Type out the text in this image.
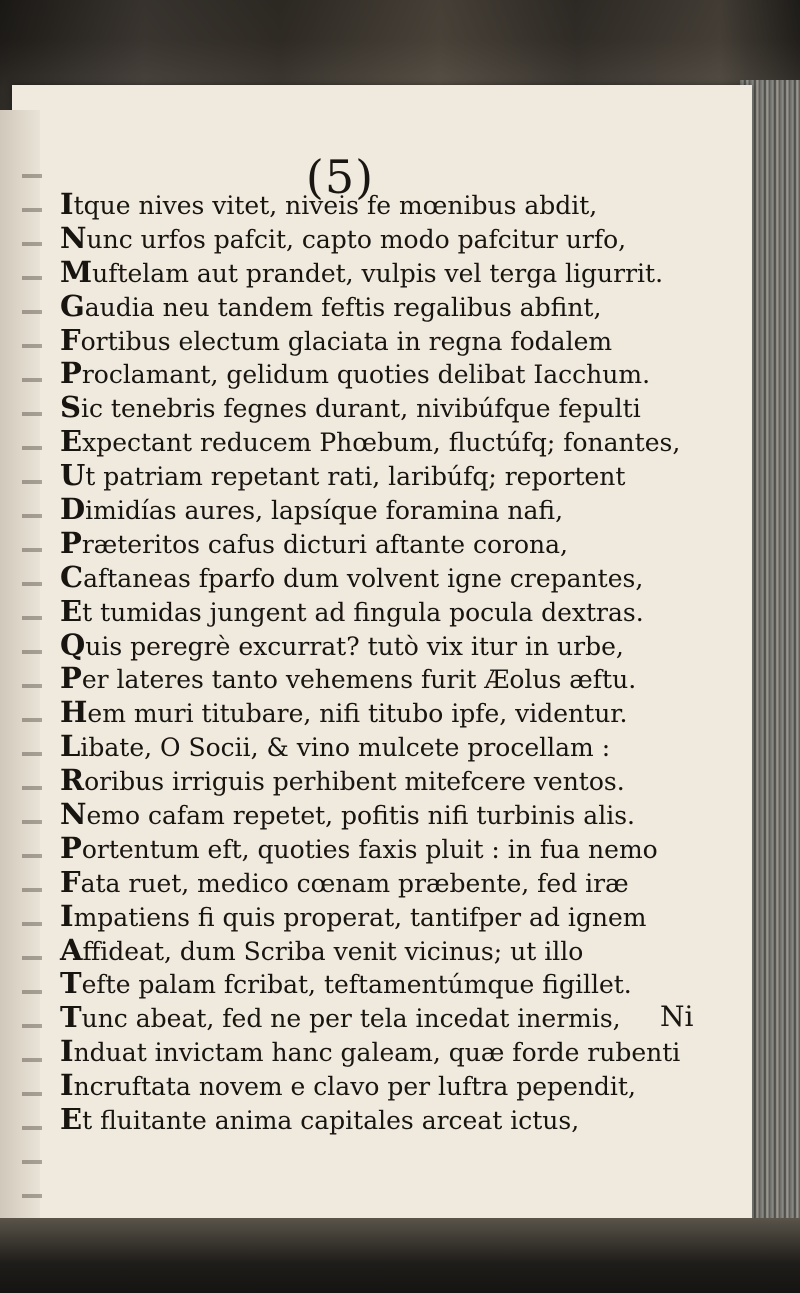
(5)
Itque nives vitet, niveis fe mœnibus abdit,
Nunc urfos pafcit, capto modo pafcitur urfo,
Muftelam aut prandet, vulpis vel terga ligurrit.
Gaudia neu tandem feftis regalibus abfint,
Fortibus electum glaciata in regna fodalem
Proclamant, gelidum quoties delibat Iacchum.
Sic tenebris fegnes durant, nivibúfque fepulti
Expectant reducem Phœbum, fluctúfq; fonantes,
Ut patriam repetant rati, laribúfq; reportent
Dimidías aures, lapsíque foramina nafi,
Præteritos cafus dicturi aftante corona,
Caftaneas fparfo dum volvent igne crepantes,
Et tumidas jungent ad fingula pocula dextras.
Quis peregrè excurrat? tutò vix itur in urbe,
Per lateres tanto vehemens furit Æolus æftu.
Hem muri titubare, nifi titubo ipfe, videntur.
Libate, O Socii, & vino mulcete procellam :
Roribus irriguis perhibent mitefcere ventos.
Nemo cafam repetet, pofitis nifi turbinis alis.
Portentum eft, quoties faxis pluit : in fua nemo
Fata ruet, medico cœnam præbente, fed iræ
Impatiens fi quis properat, tantifper ad ignem
Affideat, dum Scriba venit vicinus; ut illo
Tefte palam fcribat, teftamentúmque figillet.
Tunc abeat, fed ne per tela incedat inermis,
Induat invictam hanc galeam, quæ forde rubenti
Incruftata novem e clavo per luftra pependit,
Et fluitante anima capitales arceat ictus,
Ni
